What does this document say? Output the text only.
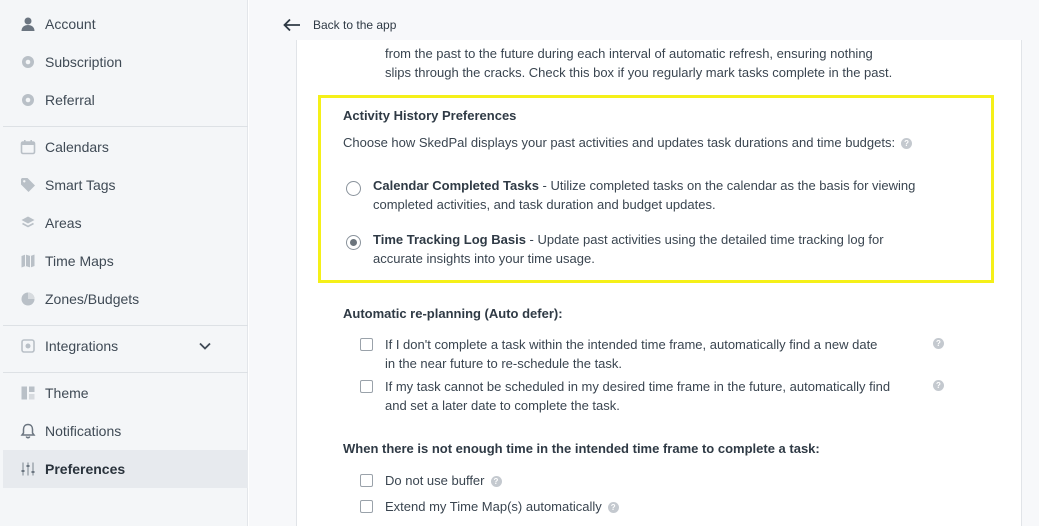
Account
Subscription
Referral
Calendars
Smart Tags
Areas
Time Maps
Zones/Budgets
Integrations
Theme
Notifications
Preferences
Back to the app
from the past to the future during each interval of automatic refresh, ensuring nothing
slips through the cracks. Check this box if you regularly mark tasks complete in the past.
Activity History Preferences
Choose how SkedPal displays your past activities and updates task durations and time budgets: ?
Calendar Completed Tasks - Utilize completed tasks on the calendar as the basis for viewing
completed activities, and task duration and budget updates.
Time Tracking Log Basis - Update past activities using the detailed time tracking log for
accurate insights into your time usage.
Automatic re-planning (Auto defer):
If I don't complete a task within the intended time frame, automatically find a new date
in the near future to re-schedule the task.
?
If my task cannot be scheduled in my desired time frame in the future, automatically find
and set a later date to complete the task.
?
When there is not enough time in the intended time frame to complete a task:
Do not use buffer ?
Extend my Time Map(s) automatically ?
